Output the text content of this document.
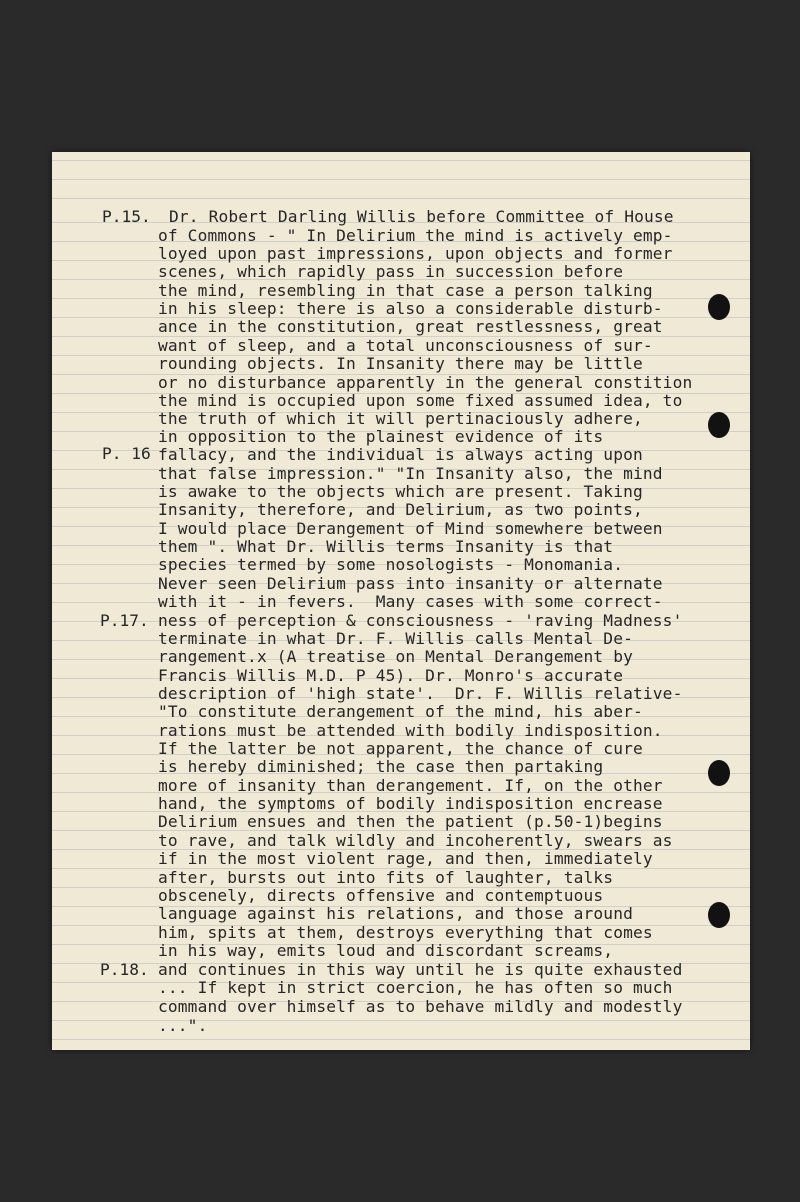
P.15.
P. 16
P.17.
P.18.
Dr. Robert Darling Willis before Committee of House
of Commons - " In Delirium the mind is actively emp-
loyed upon past impressions, upon objects and former
scenes, which rapidly pass in succession before
the mind, resembling in that case a person talking
in his sleep: there is also a considerable disturb-
ance in the constitution, great restlessness, great
want of sleep, and a total unconsciousness of sur-
rounding objects. In Insanity there may be little
or no disturbance apparently in the general constition
the mind is occupied upon some fixed assumed idea, to
the truth of which it will pertinaciously adhere,
in opposition to the plainest evidence of its
fallacy, and the individual is always acting upon
that false impression." "In Insanity also, the mind
is awake to the objects which are present. Taking
Insanity, therefore, and Delirium, as two points,
I would place Derangement of Mind somewhere between
them ". What Dr. Willis terms Insanity is that
species termed by some nosologists - Monomania.
Never seen Delirium pass into insanity or alternate
with it - in fevers.  Many cases with some correct-
ness of perception & consciousness - 'raving Madness'
terminate in what Dr. F. Willis calls Mental De-
rangement.x (A treatise on Mental Derangement by
Francis Willis M.D. P 45). Dr. Monro's accurate
description of 'high state'.  Dr. F. Willis relative-
"To constitute derangement of the mind, his aber-
rations must be attended with bodily indisposition.
If the latter be not apparent, the chance of cure
is hereby diminished; the case then partaking
more of insanity than derangement. If, on the other
hand, the symptoms of bodily indisposition encrease
Delirium ensues and then the patient (p.50-1)begins
to rave, and talk wildly and incoherently, swears as
if in the most violent rage, and then, immediately
after, bursts out into fits of laughter, talks
obscenely, directs offensive and contemptuous
language against his relations, and those around
him, spits at them, destroys everything that comes
in his way, emits loud and discordant screams,
and continues in this way until he is quite exhausted
... If kept in strict coercion, he has often so much
command over himself as to behave mildly and modestly
...".
